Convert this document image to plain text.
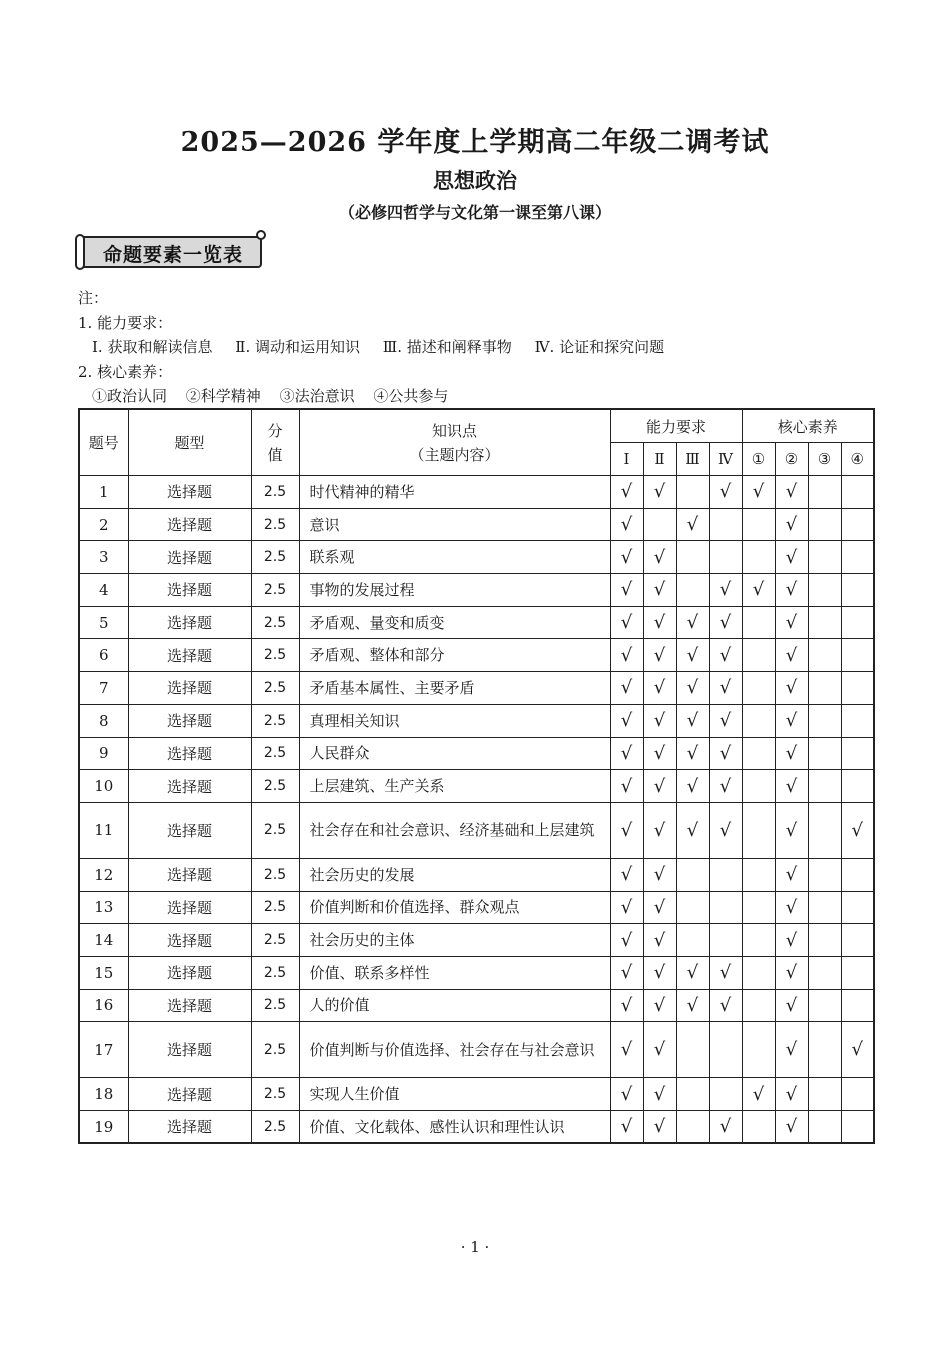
2025—2026 学年度上学期高二年级二调考试
思想政治
（必修四哲学与文化第一课至第八课）
命题要素一览表
注：
1. 能力要求：
Ⅰ. 获取和解读信息 Ⅱ. 调动和运用知识 Ⅲ. 描述和阐释事物 Ⅳ. 论证和探究问题
2. 核心素养：
①政治认同 ②科学精神 ③法治意识 ④公共参与
题号	题型	分值	知识点
（主题内容）	能力要求				核心素养			
				Ⅰ	Ⅱ	Ⅲ	Ⅳ	①	②	③	④
1	选择题	2.5	时代精神的精华	√	√		√	√	√		
2	选择题	2.5	意识	√		√			√		
3	选择题	2.5	联系观	√	√				√		
4	选择题	2.5	事物的发展过程	√	√		√	√	√		
5	选择题	2.5	矛盾观、量变和质变	√	√	√	√		√		
6	选择题	2.5	矛盾观、整体和部分	√	√	√	√		√		
7	选择题	2.5	矛盾基本属性、主要矛盾	√	√	√	√		√		
8	选择题	2.5	真理相关知识	√	√	√	√		√		
9	选择题	2.5	人民群众	√	√	√	√		√		
10	选择题	2.5	上层建筑、生产关系	√	√	√	√		√		
11	选择题	2.5	社会存在和社会意识、经济基础和上层建筑	√	√	√	√		√		√
12	选择题	2.5	社会历史的发展	√	√				√		
13	选择题	2.5	价值判断和价值选择、群众观点	√	√				√		
14	选择题	2.5	社会历史的主体	√	√				√		
15	选择题	2.5	价值、联系多样性	√	√	√	√		√		
16	选择题	2.5	人的价值	√	√	√	√		√		
17	选择题	2.5	价值判断与价值选择、社会存在与社会意识	√	√				√		√
18	选择题	2.5	实现人生价值	√	√			√	√		
19	选择题	2.5	价值、文化载体、感性认识和理性认识	√	√		√		√		
· 1 ·
